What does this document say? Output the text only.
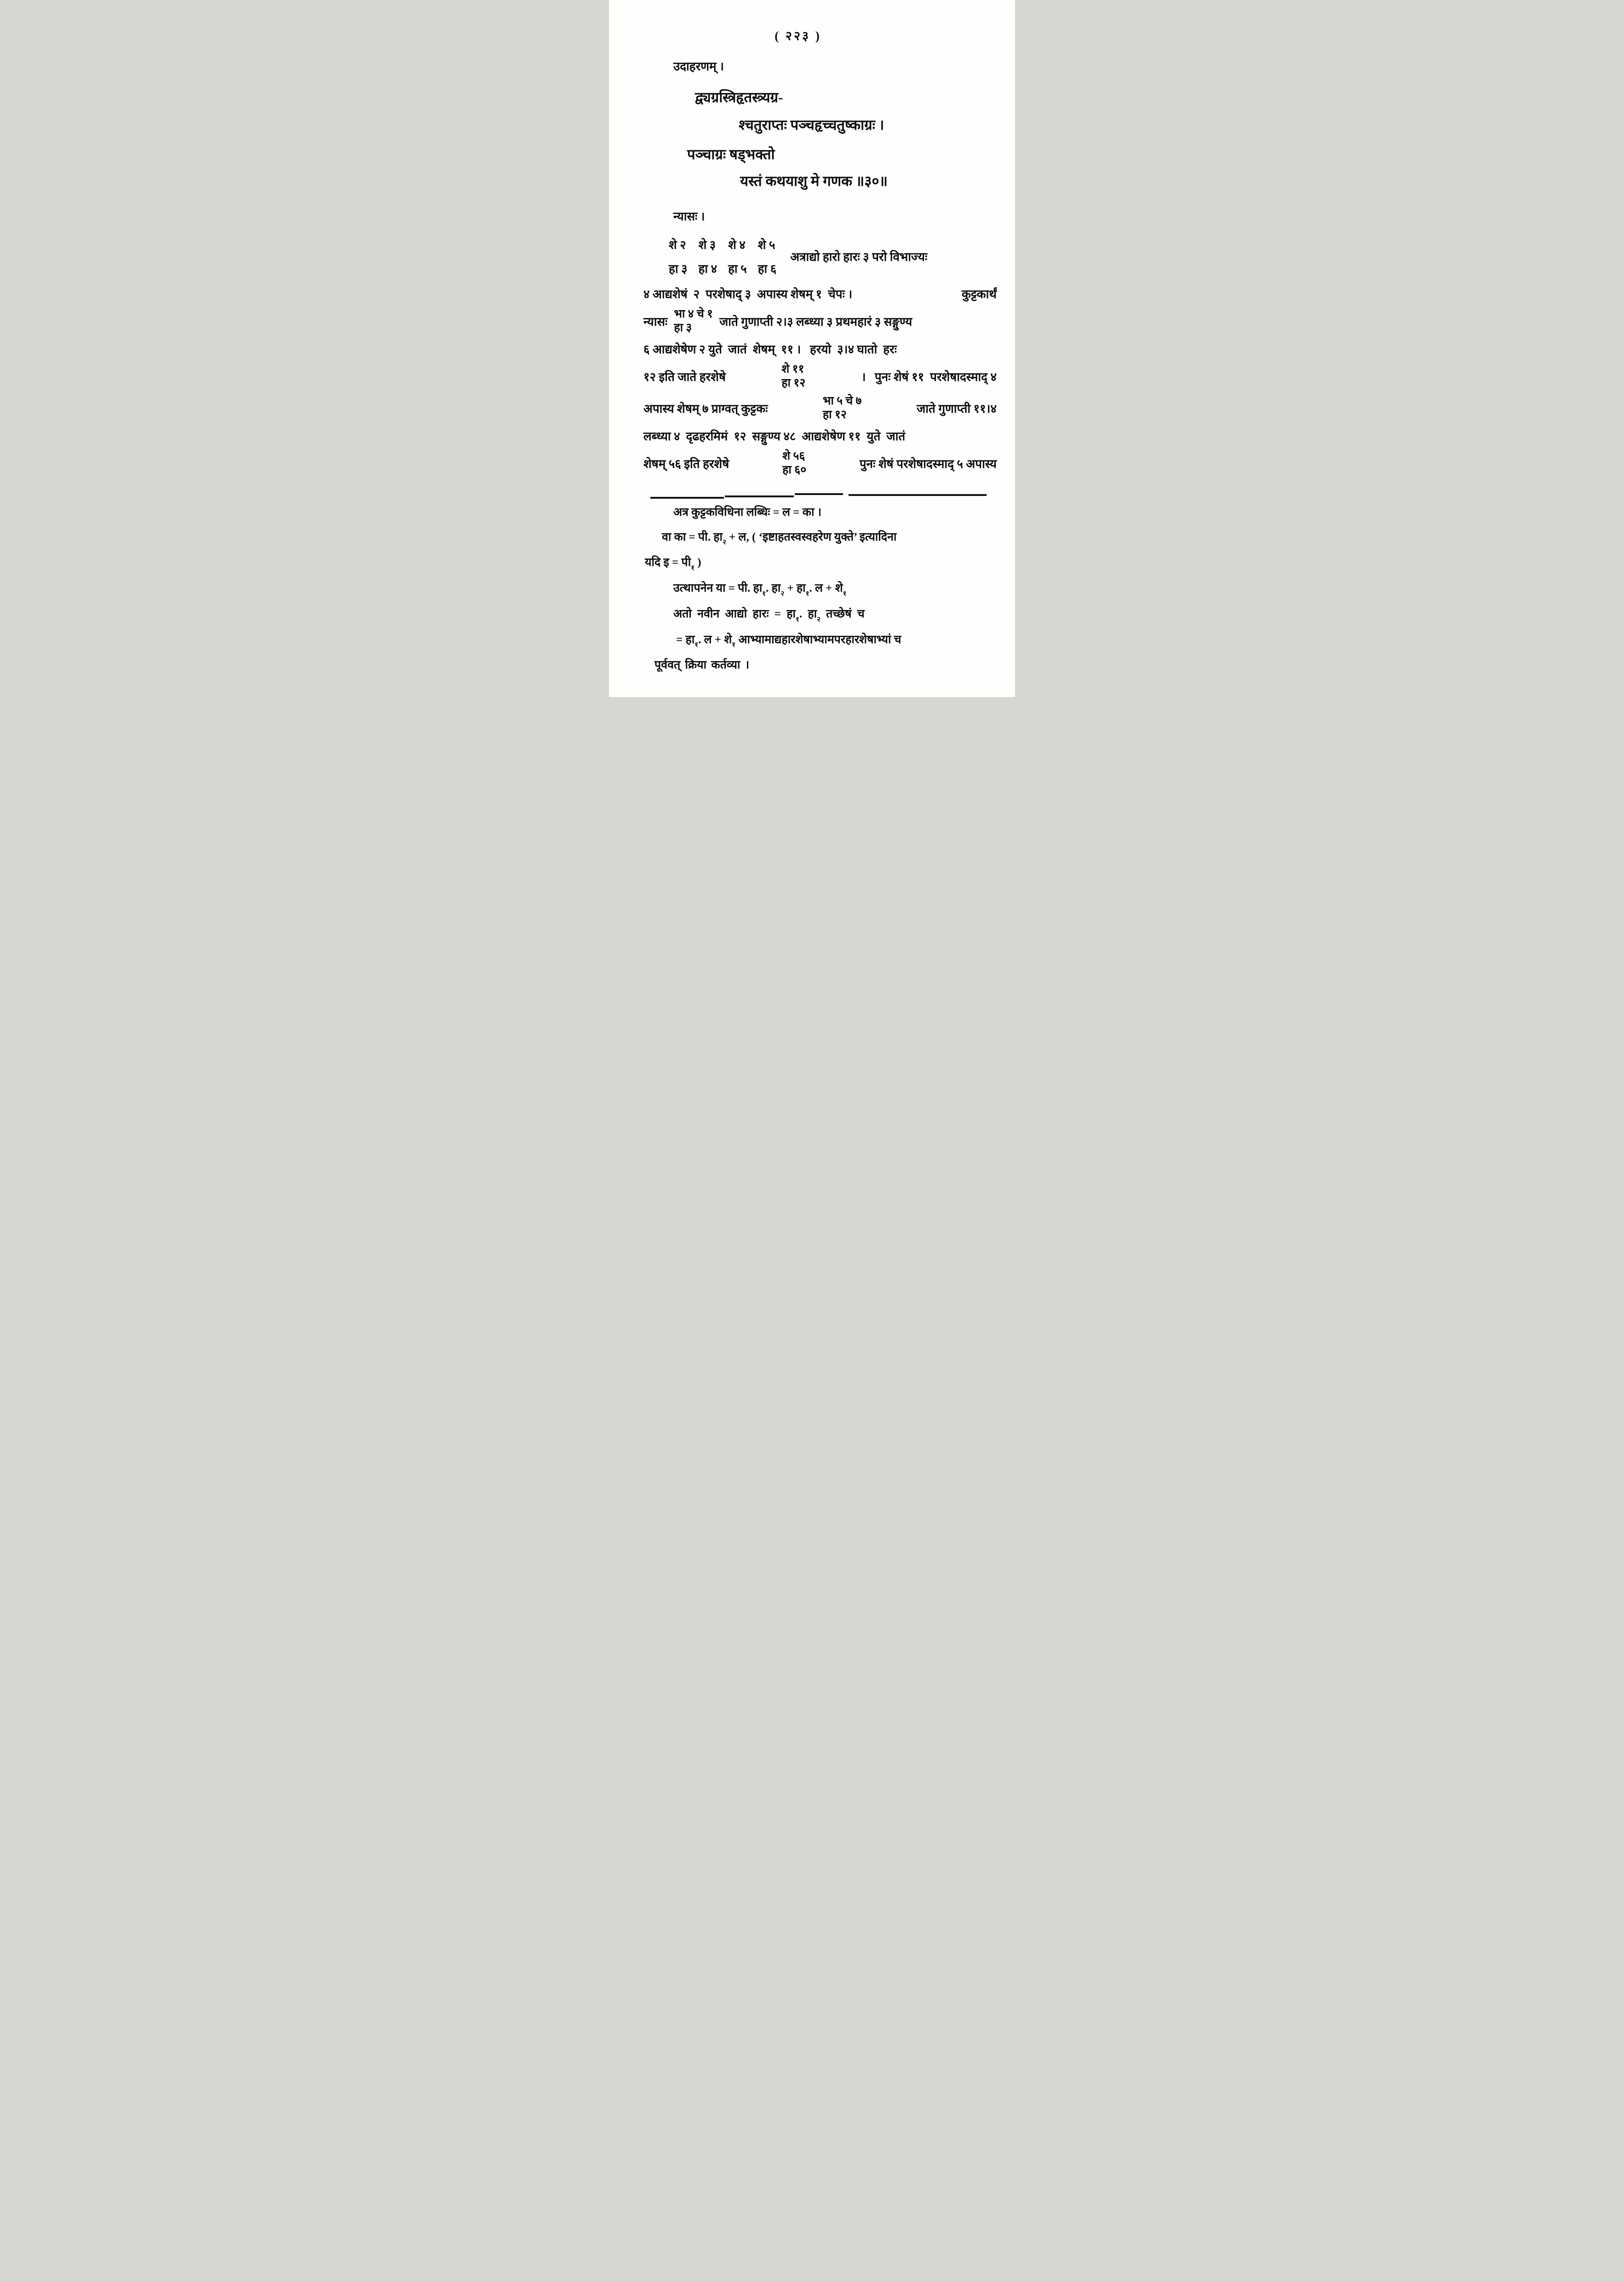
( २२३ )
उदाहरणम् ।
द्व्यग्रस्त्रिहृतस्त्र्यग्र-
श्चतुराप्तः पञ्चहृच्चतुष्काग्रः ।
पञ्चाग्रः षड्भक्तो
यस्तं कथयाशु मे गणक ॥३०॥
न्यासः ।
शे २ शे ३ शे ४ शे ५
हा ३ हा ४ हा ५ हा ६
अत्राद्यो हारो हारः ३ परो विभाज्यः
४ आद्यशेषं  २  परशेषाद् ३  अपास्य शेषम् १  चेपः ।	कुट्टकार्थं
न्यासः
भा ४ चे १
हा ३ जाते गुणाप्ती २।३ लब्ध्या ३ प्रथमहारं ३ सङ्गुण्य
६ आद्यशेषेण २ युते  जातं  शेषम्  ११ ।   हरयो  ३।४ घातो  हरः
१२ इति जाते हरशेषे
शे ११
हा १२	।   पुनः शेषं ११  परशेषादस्माद् ४
अपास्य शेषम् ७ प्राग्वत् कुट्टकः
भा ५ चे ७
हा १२	जाते गुणाप्ती ११।४
लब्ध्या ४  दृढहरमिमं  १२  सङ्गुण्य ४८  आद्यशेषेण ११  युते  जातं
शेषम् ५६ इति हरशेषे
शे ५६
हा ६०	पुनः शेषं परशेषादस्माद् ५ अपास्य
अत्र कुट्टकविधिना लब्धिः = ल = का ।
वा का = पी. $हा_२$ + ल, ( ‘इष्टाहतस्वस्वहरेण युक्ते’ इत्यादिना
यदि इ = $पी_१$ )
उत्थापनेन या = पी. $हा_१$. $हा_२$ + $हा_१$. ल + $शे_१$
अतो नवीन आद्यो हारः = $हा_१$. $हा_२$ तच्छेषं च
= $हा_१$. ल + $शे_१$ आभ्यामाद्यहारशेषाभ्यामपरहारशेषाभ्यां च
पूर्ववत् क्रिया कर्तव्या ।
